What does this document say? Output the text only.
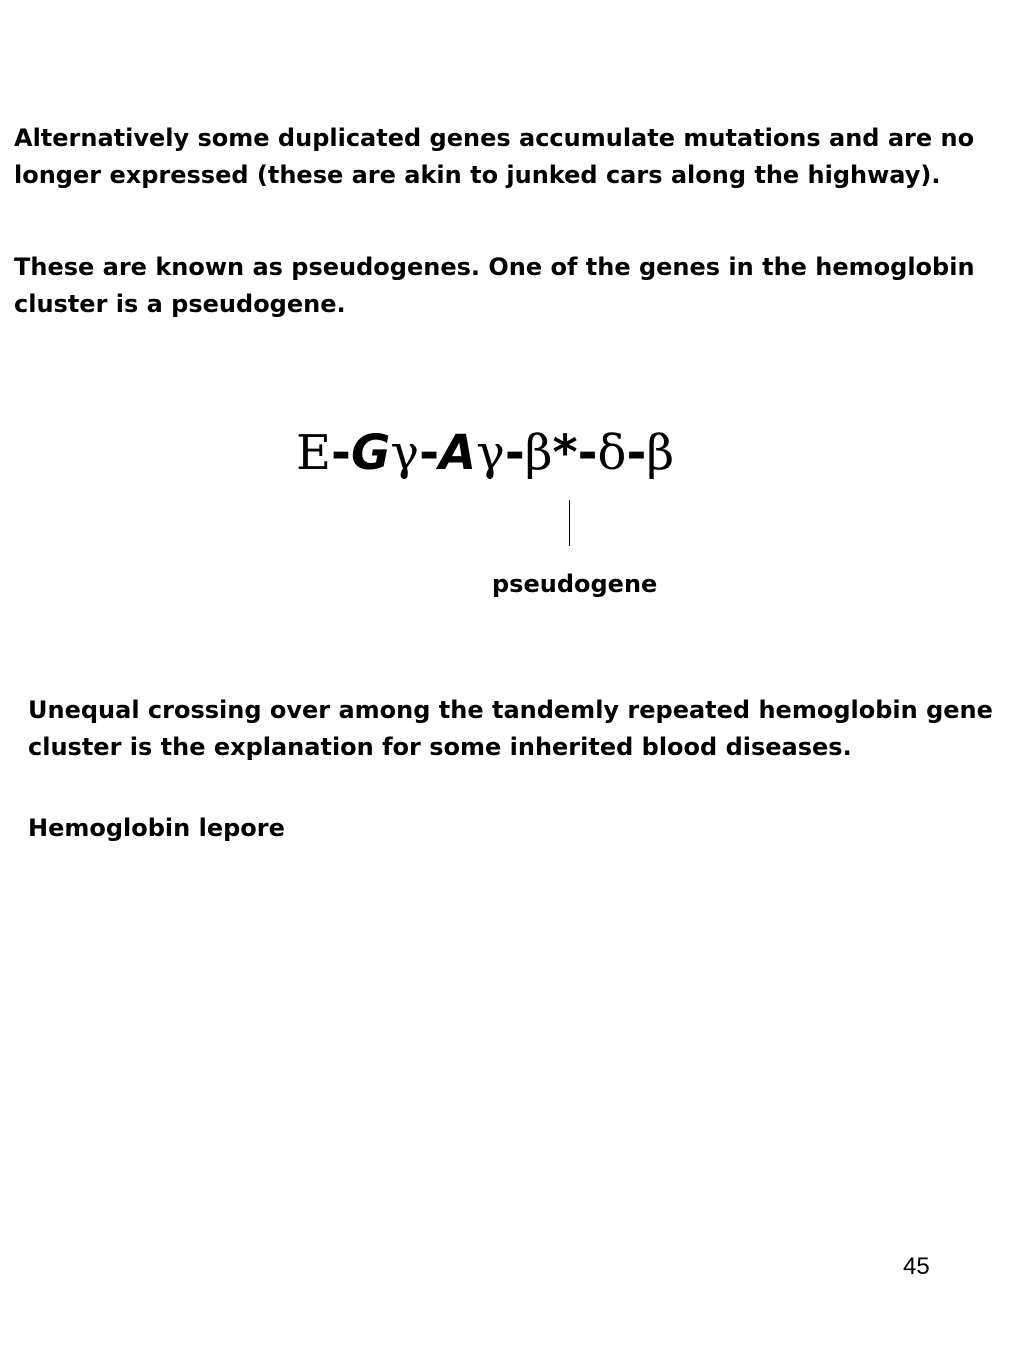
Alternatively some duplicated genes accumulate mutations and are no longer expressed (these are akin to junked cars along the highway).

These are known as pseudogenes. One of the genes in the hemoglobin cluster is a pseudogene.

Ε-Gγ-Aγ-β*-δ-β
pseudogene

Unequal crossing over among the tandemly repeated hemoglobin gene cluster is the explanation for some inherited blood diseases.

Hemoglobin lepore

45
